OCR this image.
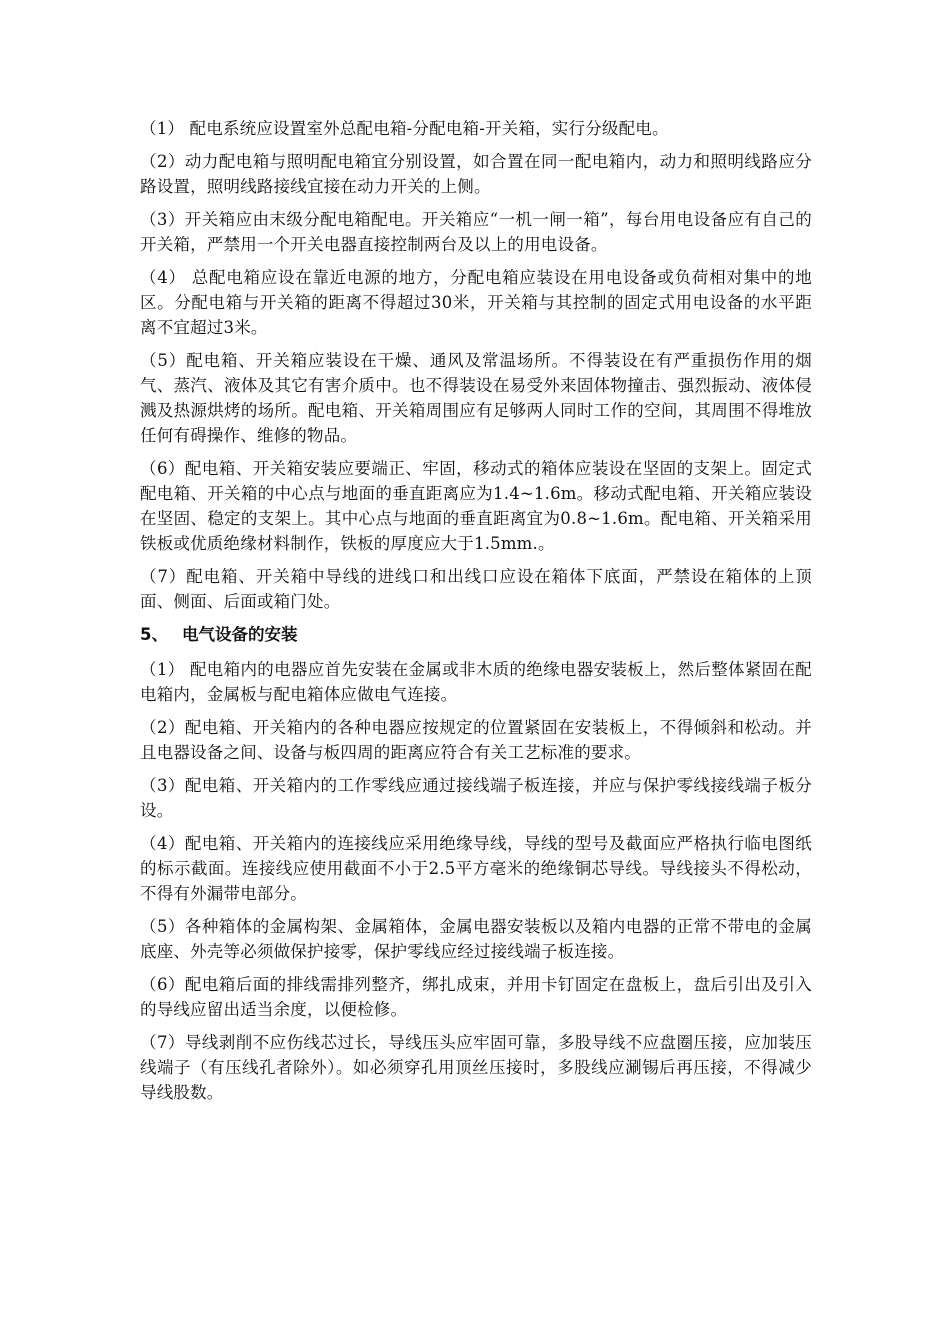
（1） 配电系统应设置室外总配电箱-分配电箱-开关箱，实行分级配电。

（2）动力配电箱与照明配电箱宜分别设置，如合置在同一配电箱内，动力和照明线路应分路设置，照明线路接线宜接在动力开关的上侧。

（3）开关箱应由末级分配电箱配电。开关箱应“一机一闸一箱”，每台用电设备应有自己的开关箱，严禁用一个开关电器直接控制两台及以上的用电设备。

（4） 总配电箱应设在靠近电源的地方，分配电箱应装设在用电设备或负荷相对集中的地区。分配电箱与开关箱的距离不得超过30米，开关箱与其控制的固定式用电设备的水平距离不宜超过3米。

（5）配电箱、开关箱应装设在干燥、通风及常温场所。不得装设在有严重损伤作用的烟气、蒸汽、液体及其它有害介质中。也不得装设在易受外来固体物撞击、强烈振动、液体侵溅及热源烘烤的场所。配电箱、开关箱周围应有足够两人同时工作的空间，其周围不得堆放任何有碍操作、维修的物品。

（6）配电箱、开关箱安装应要端正、牢固，移动式的箱体应装设在坚固的支架上。固定式配电箱、开关箱的中心点与地面的垂直距离应为1.4~1.6m。移动式配电箱、开关箱应装设在坚固、稳定的支架上。其中心点与地面的垂直距离宜为0.8~1.6m。配电箱、开关箱采用铁板或优质绝缘材料制作，铁板的厚度应大于1.5mm.。

（7）配电箱、开关箱中导线的进线口和出线口应设在箱体下底面，严禁设在箱体的上顶面、侧面、后面或箱门处。

5、 电气设备的安装

（1） 配电箱内的电器应首先安装在金属或非木质的绝缘电器安装板上，然后整体紧固在配电箱内，金属板与配电箱体应做电气连接。

（2）配电箱、开关箱内的各种电器应按规定的位置紧固在安装板上，不得倾斜和松动。并且电器设备之间、设备与板四周的距离应符合有关工艺标准的要求。

（3）配电箱、开关箱内的工作零线应通过接线端子板连接，并应与保护零线接线端子板分设。

（4）配电箱、开关箱内的连接线应采用绝缘导线，导线的型号及截面应严格执行临电图纸的标示截面。连接线应使用截面不小于2.5平方毫米的绝缘铜芯导线。导线接头不得松动，不得有外漏带电部分。

（5）各种箱体的金属构架、金属箱体，金属电器安装板以及箱内电器的正常不带电的金属底座、外壳等必须做保护接零，保护零线应经过接线端子板连接。

（6）配电箱后面的排线需排列整齐，绑扎成束，并用卡钉固定在盘板上，盘后引出及引入的导线应留出适当余度，以便检修。

（7）导线剥削不应伤线芯过长，导线压头应牢固可靠，多股导线不应盘圈压接，应加装压线端子（有压线孔者除外）。如必须穿孔用顶丝压接时，多股线应涮锡后再压接，不得减少导线股数。
